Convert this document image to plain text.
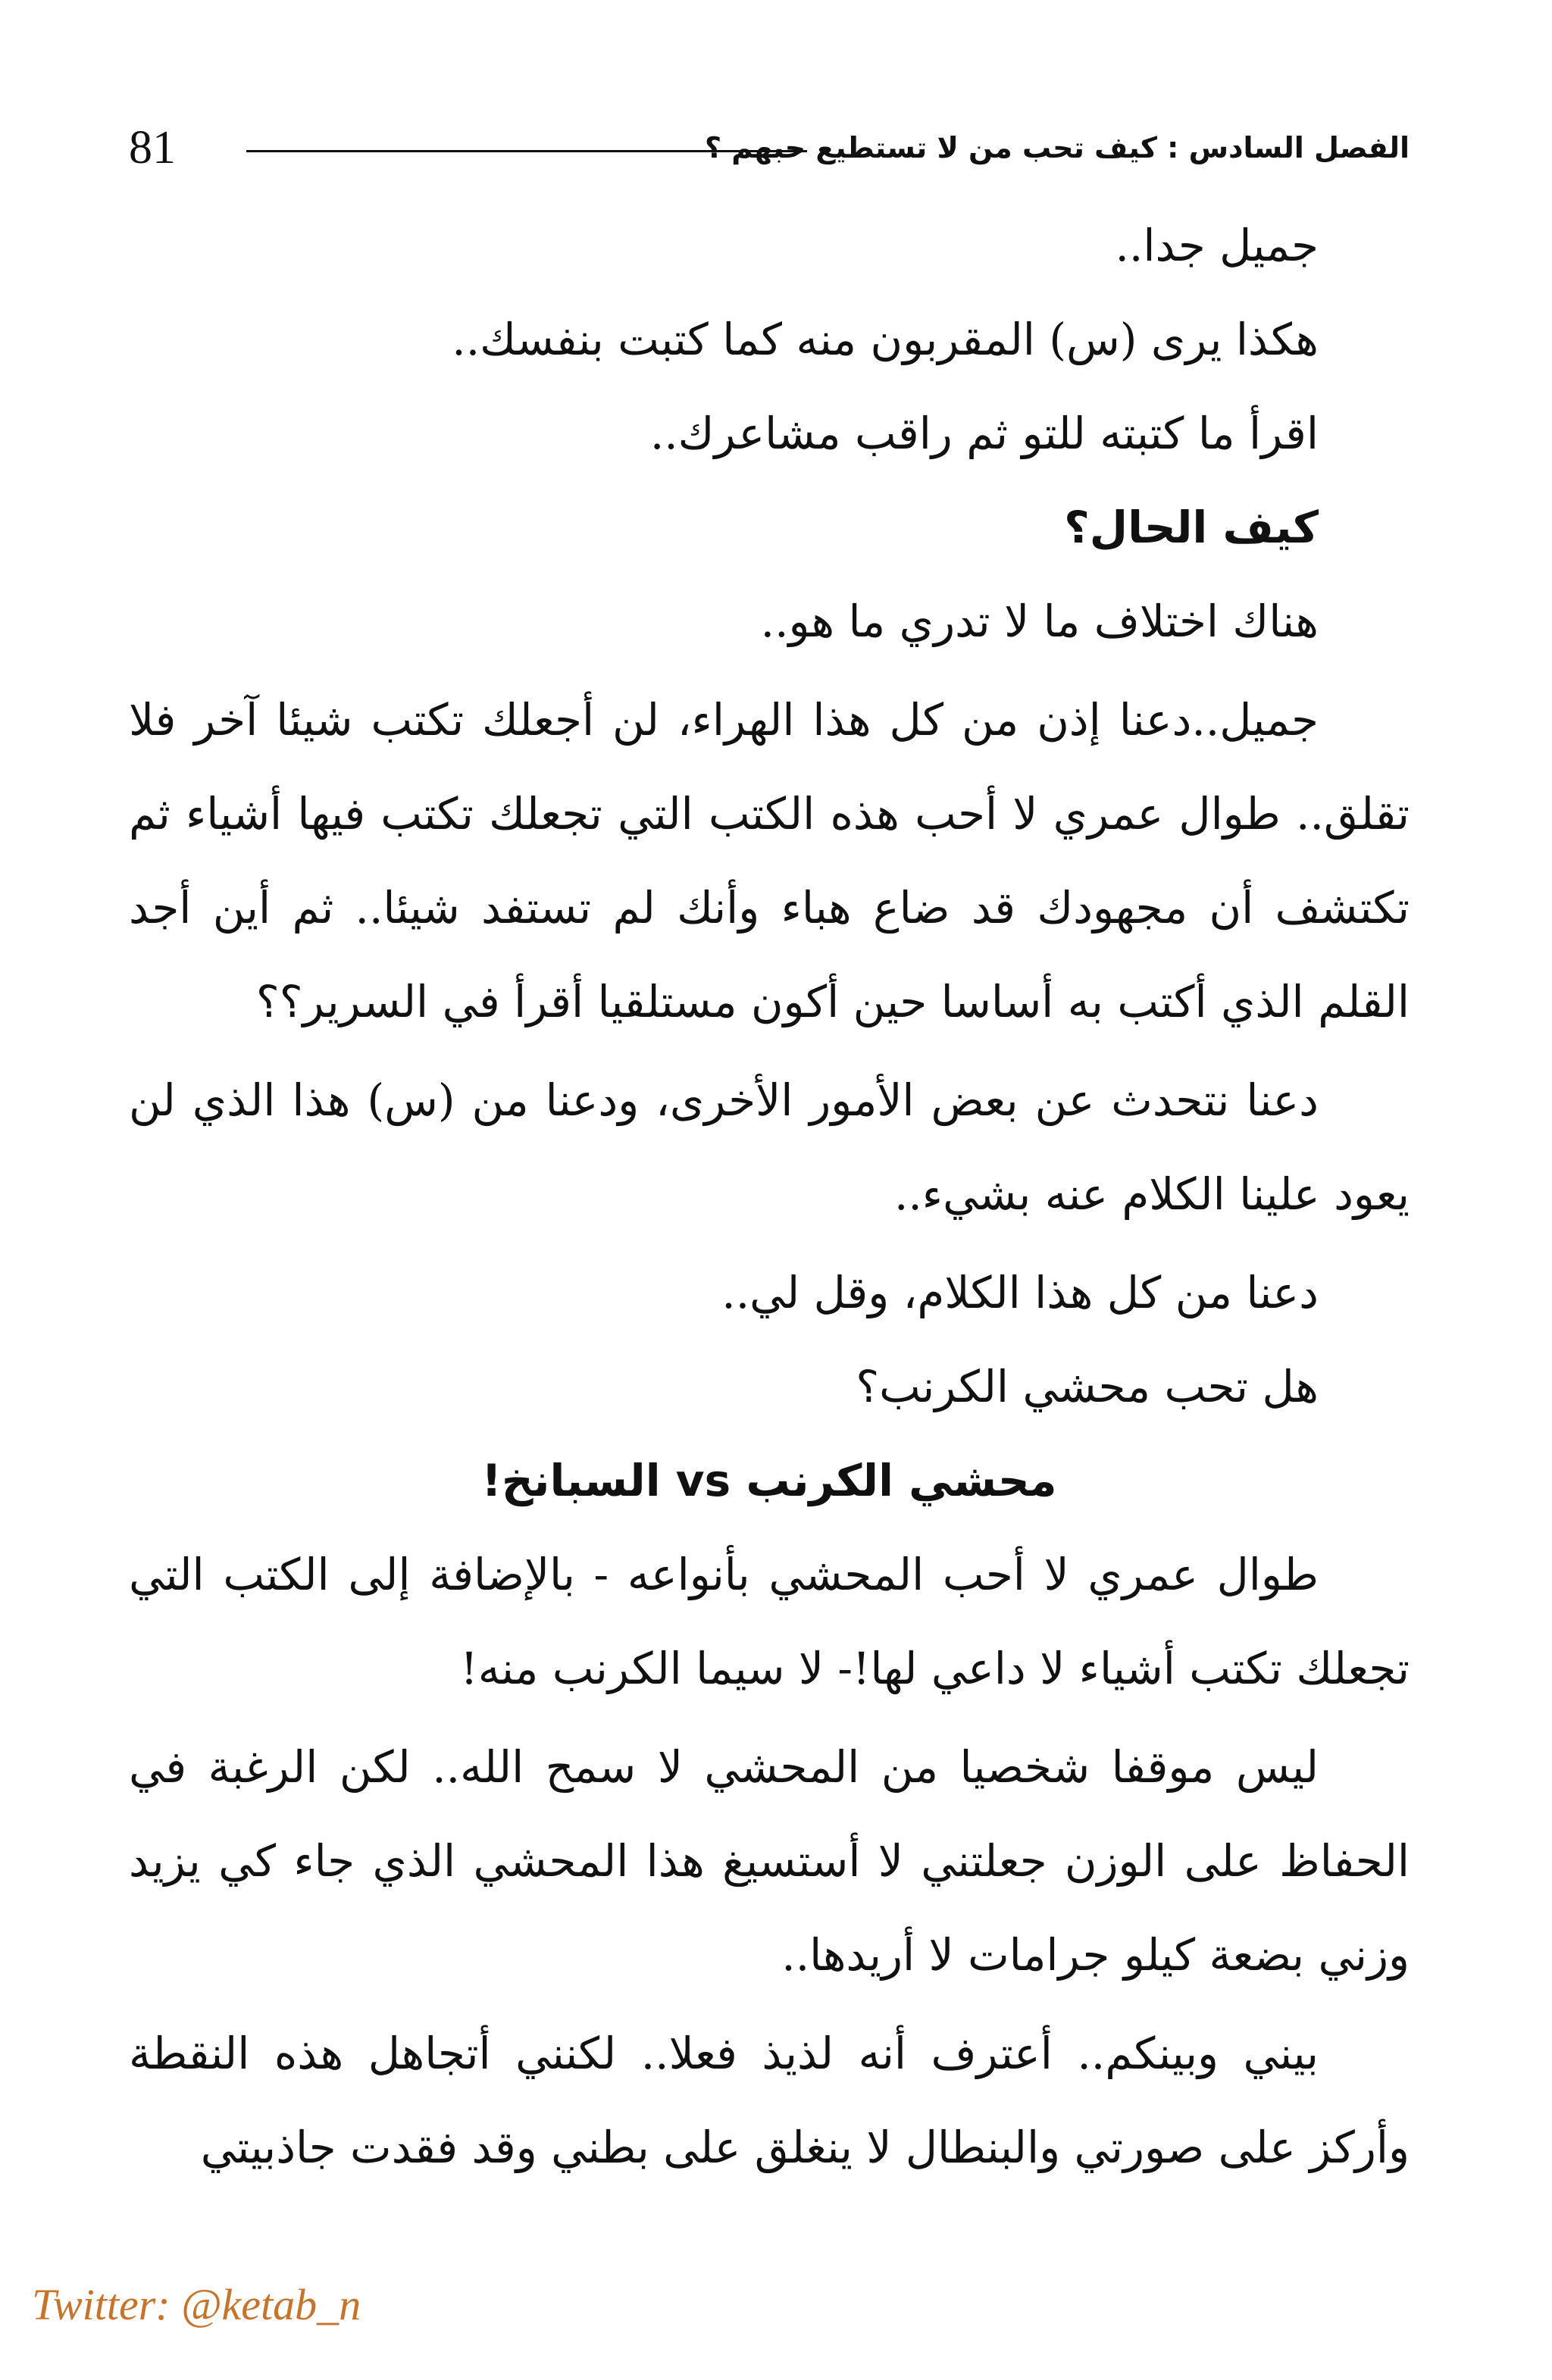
81	الفصل السادس : كيف تحب من لا تستطيع حبهم ؟

جميل جدا..

هكذا يرى (س) المقربون منه كما كتبت بنفسك..

اقرأ ما كتبته للتو ثم راقب مشاعرك..

كيف الحال؟

هناك اختلاف ما لا تدري ما هو..

جميل..دعنا إذن من كل هذا الهراء، لن أجعلك تكتب شيئا آخر فلا تقلق.. طوال عمري لا أحب هذه الكتب التي تجعلك تكتب فيها أشياء ثم تكتشف أن مجهودك قد ضاع هباء وأنك لم تستفد شيئا.. ثم أين أجد القلم الذي أكتب به أساسا حين أكون مستلقيا أقرأ في السرير؟؟

دعنا نتحدث عن بعض الأمور الأخرى، ودعنا من (س) هذا الذي لن يعود علينا الكلام عنه بشيء..

دعنا من كل هذا الكلام، وقل لي..

هل تحب محشي الكرنب؟

محشي الكرنب vs السبانخ!

طوال عمري لا أحب المحشي بأنواعه - بالإضافة إلى الكتب التي تجعلك تكتب أشياء لا داعي لها!- لا سيما الكرنب منه!

ليس موقفا شخصيا من المحشي لا سمح الله.. لكن الرغبة في الحفاظ على الوزن جعلتني لا أستسيغ هذا المحشي الذي جاء كي يزيد وزني بضعة كيلو جرامات لا أريدها..

بيني وبينكم.. أعترف أنه لذيذ فعلا.. لكنني أتجاهل هذه النقطة وأركز على صورتي والبنطال لا ينغلق على بطني وقد فقدت جاذبيتي

Twitter: @ketab_n
